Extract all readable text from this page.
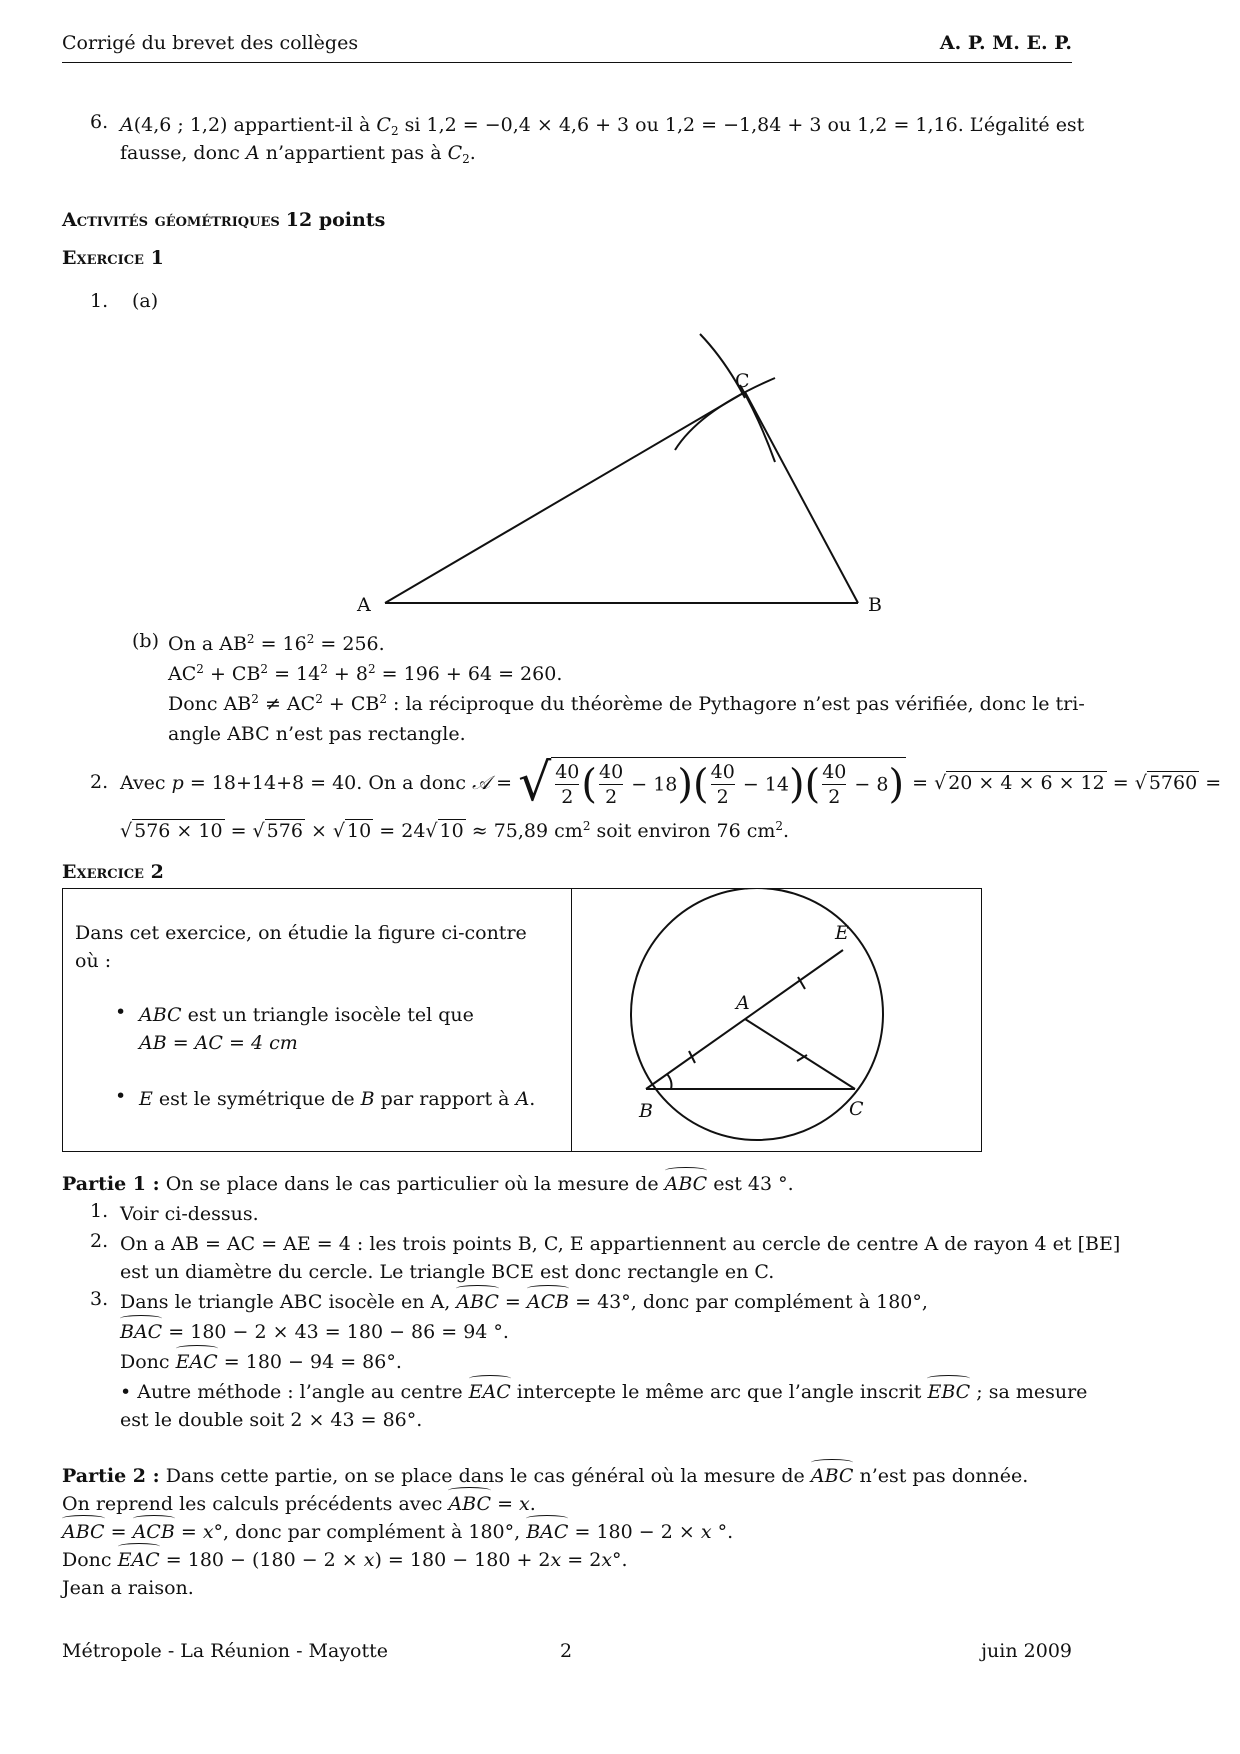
Corrigé du brevet des collèges	A. P. M. E. P.
6. A(4,6 ; 1,2) appartient-il à $C_2$ si 1,2 = −0,4 × 4,6 + 3 ou 1,2 = −1,84 + 3 ou 1,2 = 1,16. L’égalité est
fausse, donc A n’appartient pas à $C_2$.
Activités géométriques 12 points
Exercice 1
1. (a)
C
A	B
(b) On a $AB^2 = 16^2 = 256$.
$AC^2 + CB^2 = 14^2 + 8^2 = 196 + 64 = 260$.
Donc $AB^2 \ne AC^2 + CB^2$ : la réciproque du théorème de Pythagore n’est pas vérifiée, donc le tri-
angle ABC n’est pas rectangle.
2. Avec p = 18+14+8 = 40. On a donc 𝒜 = √ $\frac{40}{2}$ ( $\frac{40}{2} - 18)( \frac{40}{2} - 14)( \frac{40}{2} - 8)$ = √ 20 × 4 × 6 × 12 = √ 5760 =
√ 576 × 10 = √ 576 × √ 10 = 24√ 10 ≈ 75,89 $cm^2$ soit environ 76 $cm^2$.
Exercice 2
Dans cet exercice, on étudie la figure ci-contre
où :
• ABC est un triangle isocèle tel que
AB = AC = 4 cm
• E est le symétrique de B par rapport à A.
E
A
B	C
Partie 1 : On se place dans le cas particulier où la mesure de ABC est 43 °.
1. Voir ci-dessus.
2. On a AB = AC = AE = 4 : les trois points B, C, E appartiennent au cercle de centre A de rayon 4 et [BE]
est un diamètre du cercle. Le triangle BCE est donc rectangle en C.
3. Dans le triangle ABC isocèle en A, ABC = ACB = 43°, donc par complément à 180°,
BAC = 180 − 2 × 43 = 180 − 86 = 94 °.
Donc EAC = 180 − 94 = 86°.
• Autre méthode : l’angle au centre EAC intercepte le même arc que l’angle inscrit EBC ; sa mesure
est le double soit 2 × 43 = 86°.
Partie 2 : Dans cette partie, on se place dans le cas général où la mesure de ABC n’est pas donnée.
On reprend les calculs précédents avec ABC = x.
ABC = ACB = x°, donc par complément à 180°, BAC = 180 − 2 × x °.
Donc EAC = 180 − (180 − 2 × x) = 180 − 180 + 2x = 2x°.
Jean a raison.
Métropole - La Réunion - Mayotte	2	juin 2009
